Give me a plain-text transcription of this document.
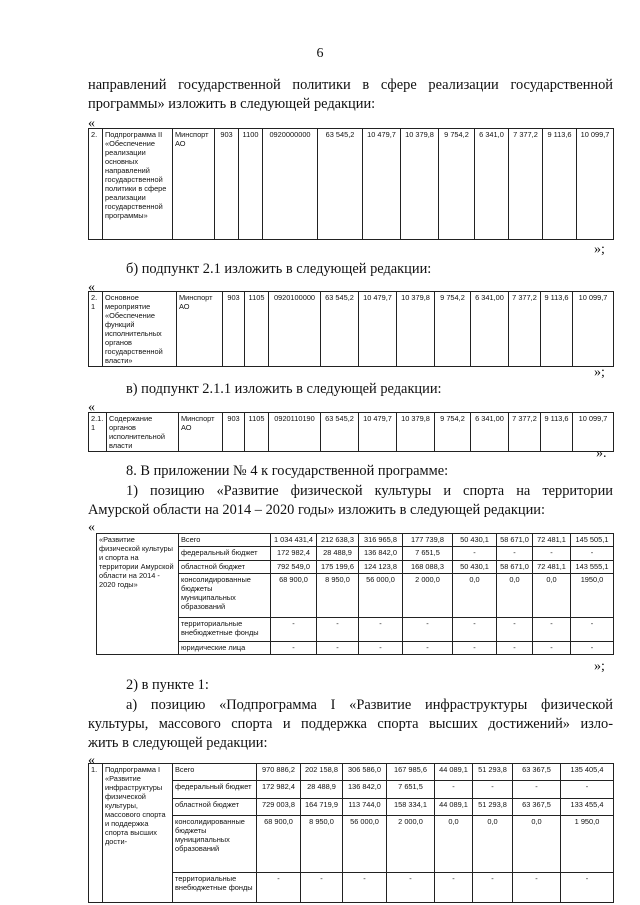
6
направлений государственной политики в сфере реализации государственной
программы» изложить в следующей редакции:
«
2.	Подпрограмма II «Обеспечение реализации основных направлений государственной политики в сфере реализации государственной программы»	Минспорт АО	903	1100	0920000000	63 545,2	10 479,7	10 379,8	9 754,2	6 341,0	7 377,2	9 113,6	10 099,7
»;
б) подпункт 2.1 изложить в следующей редакции:
«
2.1	Основное мероприятие «Обеспечение функций исполнительных органов государственной власти»	Минспорт АО	903	1105	0920100000	63 545,2	10 479,7	10 379,8	9 754,2	6 341,00	7 377,2	9 113,6	10 099,7
»;
в) подпункт 2.1.1 изложить в следующей редакции:
«
2.1.1	Содержание органов исполнительной власти	Минспорт АО	903	1105	0920110190	63 545,2	10 479,7	10 379,8	9 754,2	6 341,00	7 377,2	9 113,6	10 099,7
».
8. В приложении № 4 к государственной программе:
1) позицию «Развитие физической культуры и спорта на территории
Амурской области на 2014 – 2020 годы» изложить в следующей редакции:
«
«Развитие физической культуры и спорта на территории Амурской области на 2014 - 2020 годы»	Всего	1 034 431,4	212 638,3	316 965,8	177 739,8	50 430,1	58 671,0	72 481,1	145 505,1
	федеральный бюджет	172 982,4	28 488,9	136 842,0	7 651,5	-	-	-	-
	областной бюджет	792 549,0	175 199,6	124 123,8	168 088,3	50 430,1	58 671,0	72 481,1	143 555,1
	консолидированные бюджеты муниципальных образований	68 900,0	8 950,0	56 000,0	2 000,0	0,0	0,0	0,0	1950,0
	территориальные внебюджетные фонды	-	-	-	-	-	-	-	-
	юридические лица	-	-	-	-	-	-	-	-
»;
2) в пункте 1:
а) позицию «Подпрограмма I «Развитие инфраструктуры физической
культуры, массового спорта и поддержка спорта высших достижений» изло-
жить в следующей редакции:
«
1.	Подпрограмма I «Развитие инфраструктуры физической культуры, массового спорта и поддержка спорта высших дости-	Всего	970 886,2	202 158,8	306 586,0	167 985,6	44 089,1	51 293,8	63 367,5	135 405,4
		федеральный бюджет	172 982,4	28 488,9	136 842,0	7 651,5	-	-	-	-
		областной бюджет	729 003,8	164 719,9	113 744,0	158 334,1	44 089,1	51 293,8	63 367,5	133 455,4
		консолидированные бюджеты муниципальных образований	68 900,0	8 950,0	56 000,0	2 000,0	0,0	0,0	0,0	1 950,0
		территориальные внебюджетные фонды	-	-	-	-	-	-	-	-
